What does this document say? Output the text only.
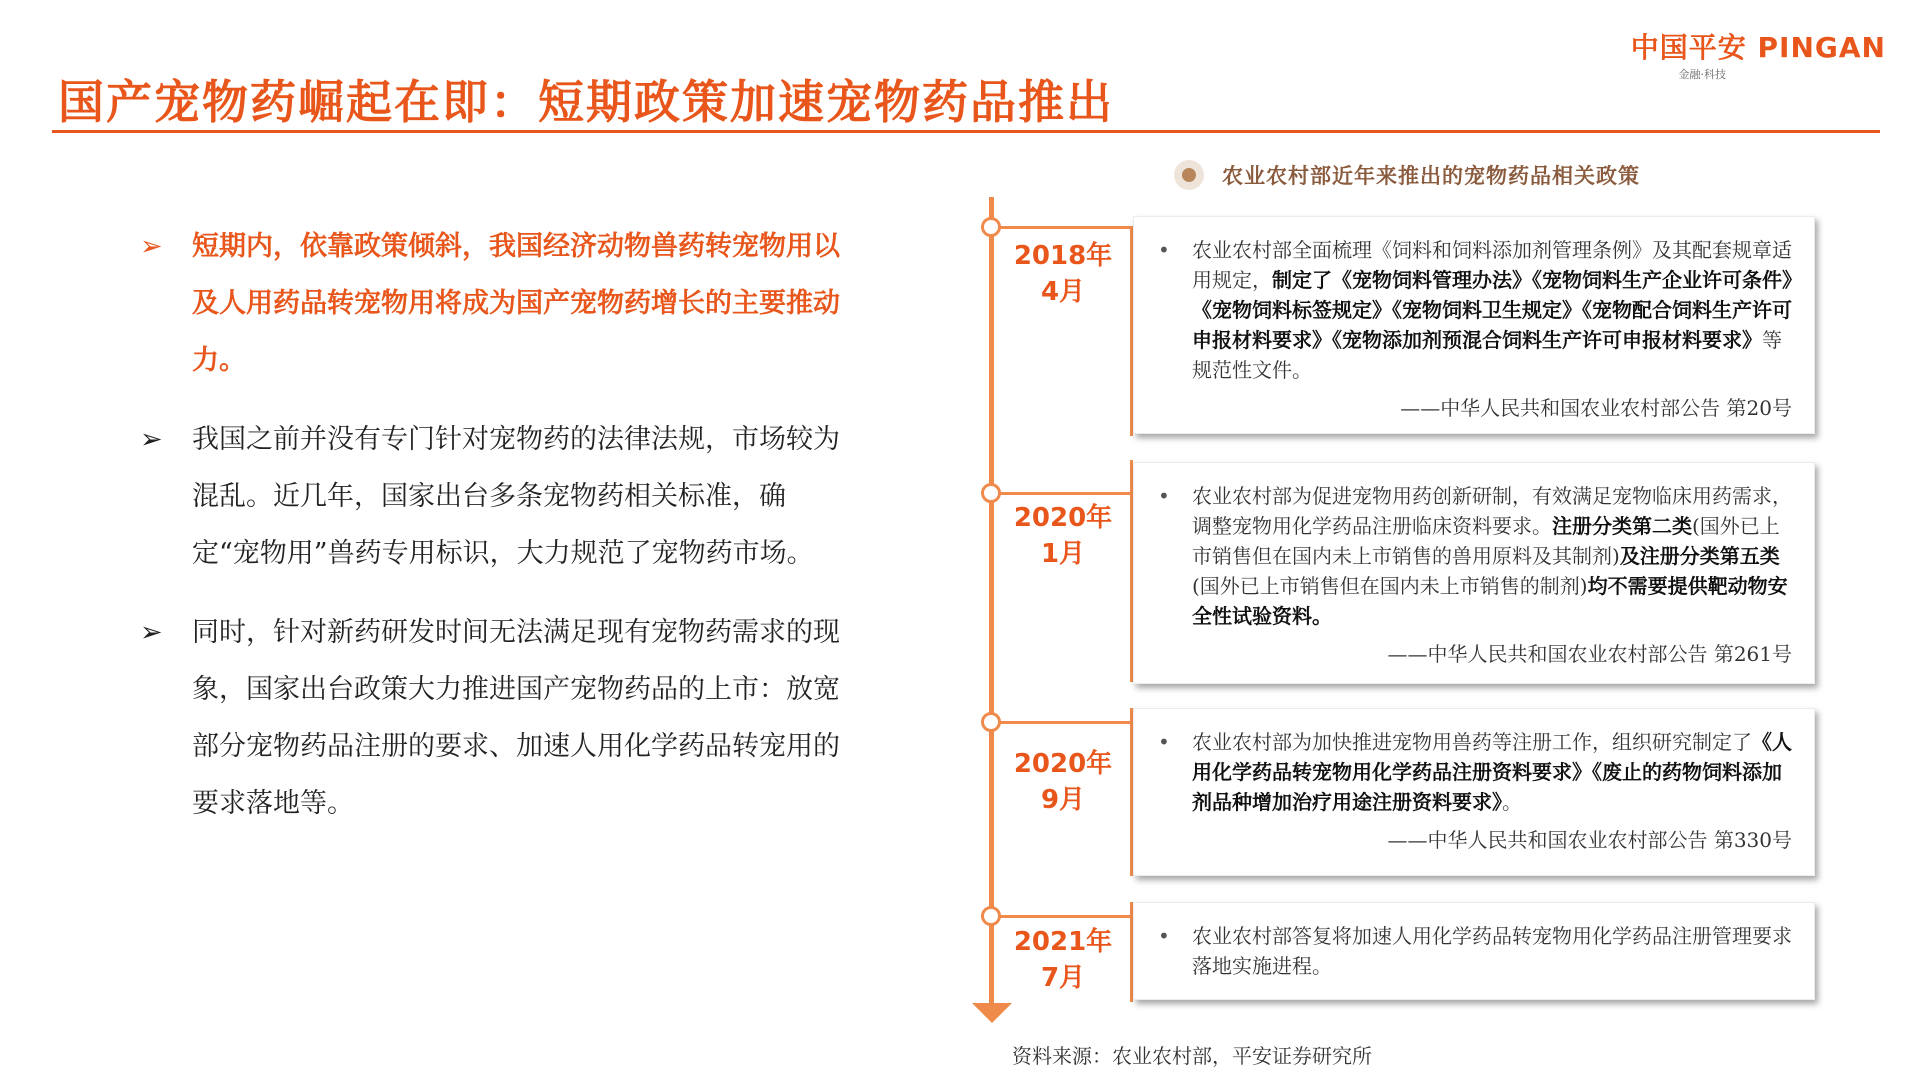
中国平安 PINGAN
金融·科技
国产宠物药崛起在即：短期政策加速宠物药品推出
➢ 短期内，依靠政策倾斜，我国经济动物兽药转宠物用以及人用药品转宠物用将成为国产宠物药增长的主要推动力。
➢ 我国之前并没有专门针对宠物药的法律法规，市场较为混乱。近几年，国家出台多条宠物药相关标准，确定“宠物用”兽药专用标识，大力规范了宠物药市场。
➢ 同时，针对新药研发时间无法满足现有宠物药需求的现象，国家出台政策大力推进国产宠物药品的上市：放宽部分宠物药品注册的要求、加速人用化学药品转宠用的要求落地等。
农业农村部近年来推出的宠物药品相关政策
2018年
4月
• 农业农村部全面梳理《饲料和饲料添加剂管理条例》及其配套规章适用规定，制定了《宠物饲料管理办法》《宠物饲料生产企业许可条件》《宠物饲料标签规定》《宠物饲料卫生规定》《宠物配合饲料生产许可申报材料要求》《宠物添加剂预混合饲料生产许可申报材料要求》等规范性文件。
——中华人民共和国农业农村部公告 第20号
2020年
1月
• 农业农村部为促进宠物用药创新研制，有效满足宠物临床用药需求，调整宠物用化学药品注册临床资料要求。注册分类第二类(国外已上市销售但在国内未上市销售的兽用原料及其制剂)及注册分类第五类(国外已上市销售但在国内未上市销售的制剂)均不需要提供靶动物安全性试验资料。
——中华人民共和国农业农村部公告 第261号
2020年
9月
• 农业农村部为加快推进宠物用兽药等注册工作，组织研究制定了《人用化学药品转宠物用化学药品注册资料要求》《废止的药物饲料添加剂品种增加治疗用途注册资料要求》。
——中华人民共和国农业农村部公告 第330号
2021年
7月
• 农业农村部答复将加速人用化学药品转宠物用化学药品注册管理要求落地实施进程。
资料来源：农业农村部，平安证券研究所
